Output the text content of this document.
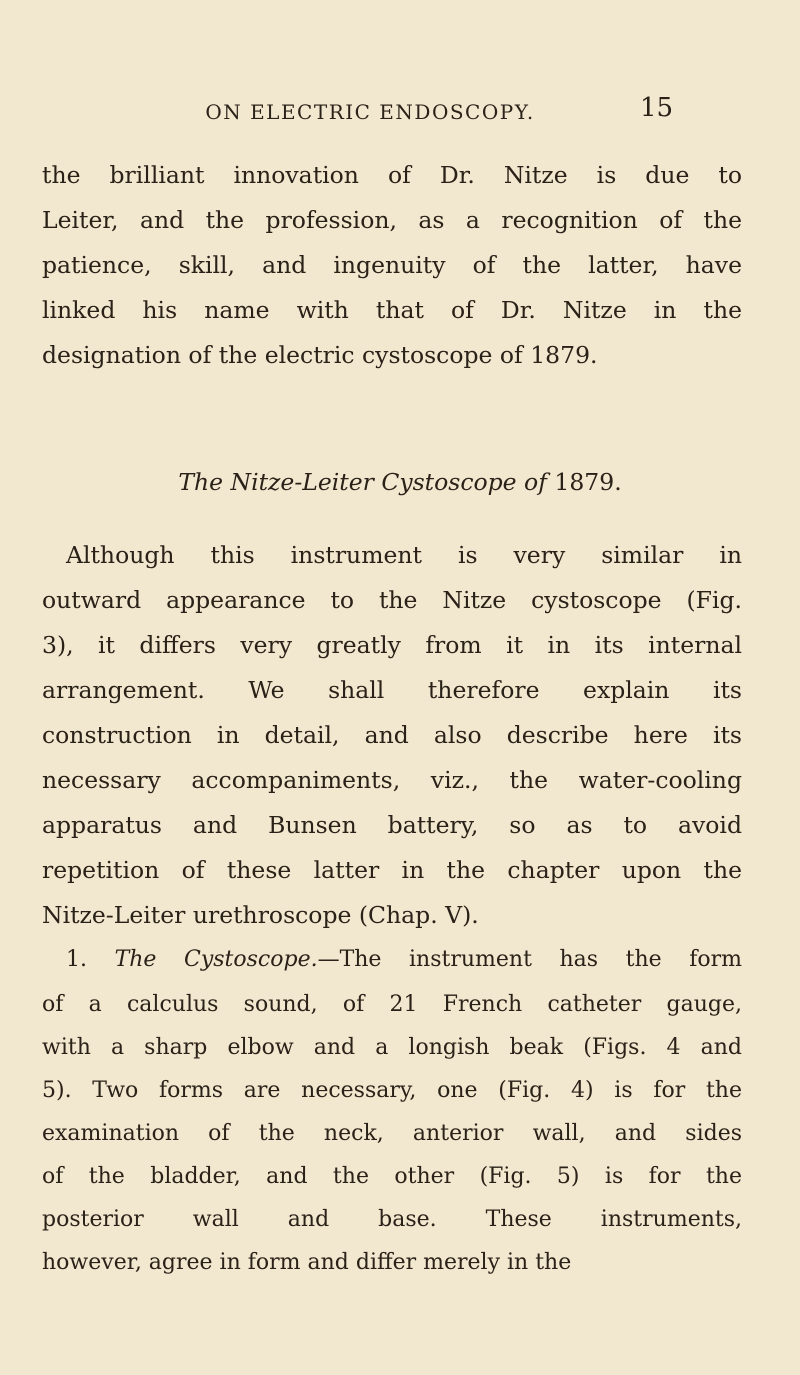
ON ELECTRIC ENDOSCOPY.	15
the brilliant innovation of Dr. Nitze is due to
Leiter, and the profession, as a recognition of the
patience, skill, and ingenuity of the latter, have
linked his name with that of Dr. Nitze in the
designation of the electric cystoscope of 1879.
The Nitze-Leiter Cystoscope of 1879.
Although this instrument is very similar in
outward appearance to the Nitze cystoscope (Fig.
3), it differs very greatly from it in its internal
arrangement. We shall therefore explain its
construction in detail, and also describe here its
necessary accompaniments, viz., the water-cooling
apparatus and Bunsen battery, so as to avoid
repetition of these latter in the chapter upon the
Nitze-Leiter urethroscope (Chap. V).
1. The Cystoscope.—The instrument has the form
of a calculus sound, of 21 French catheter gauge,
with a sharp elbow and a longish beak (Figs. 4 and
5). Two forms are necessary, one (Fig. 4) is for the
examination of the neck, anterior wall, and sides
of the bladder, and the other (Fig. 5) is for the
posterior wall and base. These instruments,
however, agree in form and differ merely in the
